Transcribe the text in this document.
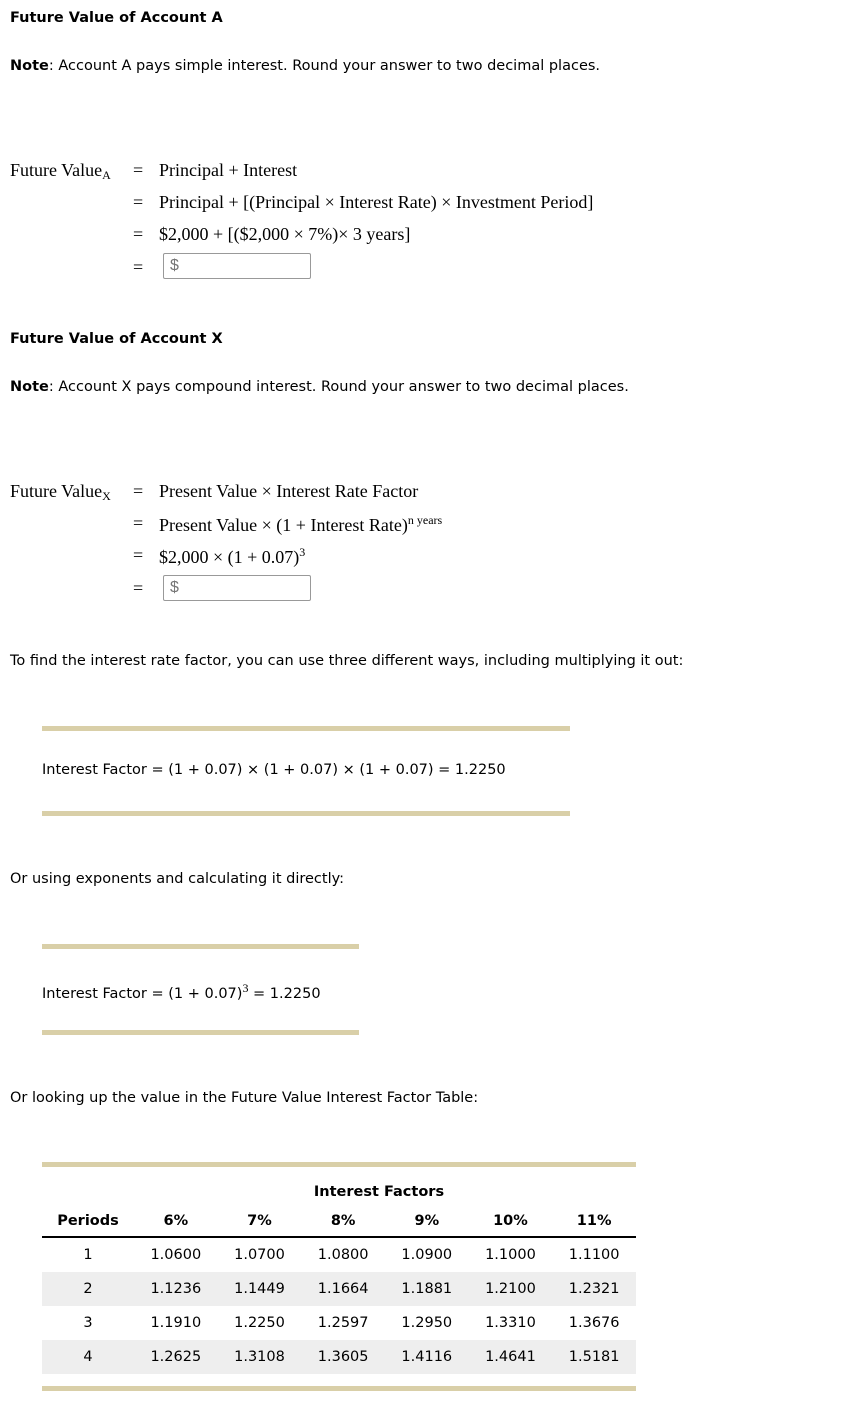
Future Value of Account A
Note: Account A pays simple interest. Round your answer to two decimal places.
Future Value$_A$ = Principal + Interest
= Principal + [(Principal × Interest Rate) × Investment Period]
= $2,000 + [($2,000 × 7%)× 3 years]
=
$
Future Value of Account X
Note: Account X pays compound interest. Round your answer to two decimal places.
Future Value$_X$ = Present Value × Interest Rate Factor
= Present Value × (1 + Interest Rate)$^{n years}$
= $2,000 × $(1 + 0.07)^3$
=
$
To find the interest rate factor, you can use three different ways, including multiplying it out:
Interest Factor = (1 + 0.07) × (1 + 0.07) × (1 + 0.07) = 1.2250
Or using exponents and calculating it directly:
Interest Factor = $(1 + 0.07)^3 = 1.2250$
Or looking up the value in the Future Value Interest Factor Table:
Interest Factors						
Periods	6%	7%	8%	9%	10%	11%
1	1.0600	1.0700	1.0800	1.0900	1.1000	1.1100
2	1.1236	1.1449	1.1664	1.1881	1.2100	1.2321
3	1.1910	1.2250	1.2597	1.2950	1.3310	1.3676
4	1.2625	1.3108	1.3605	1.4116	1.4641	1.5181
